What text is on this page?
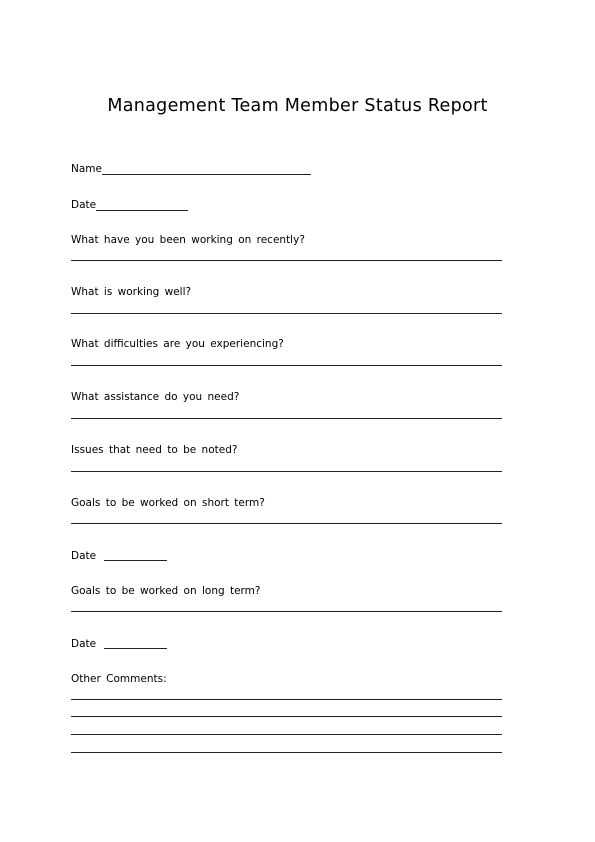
Management Team Member Status Report
Name
Date
What have you been working on recently?
What is working well?
What difficulties are you experiencing?
What assistance do you need?
Issues that need to be noted?
Goals to be worked on short term?
Date
Goals to be worked on long term?
Date
Other Comments:
